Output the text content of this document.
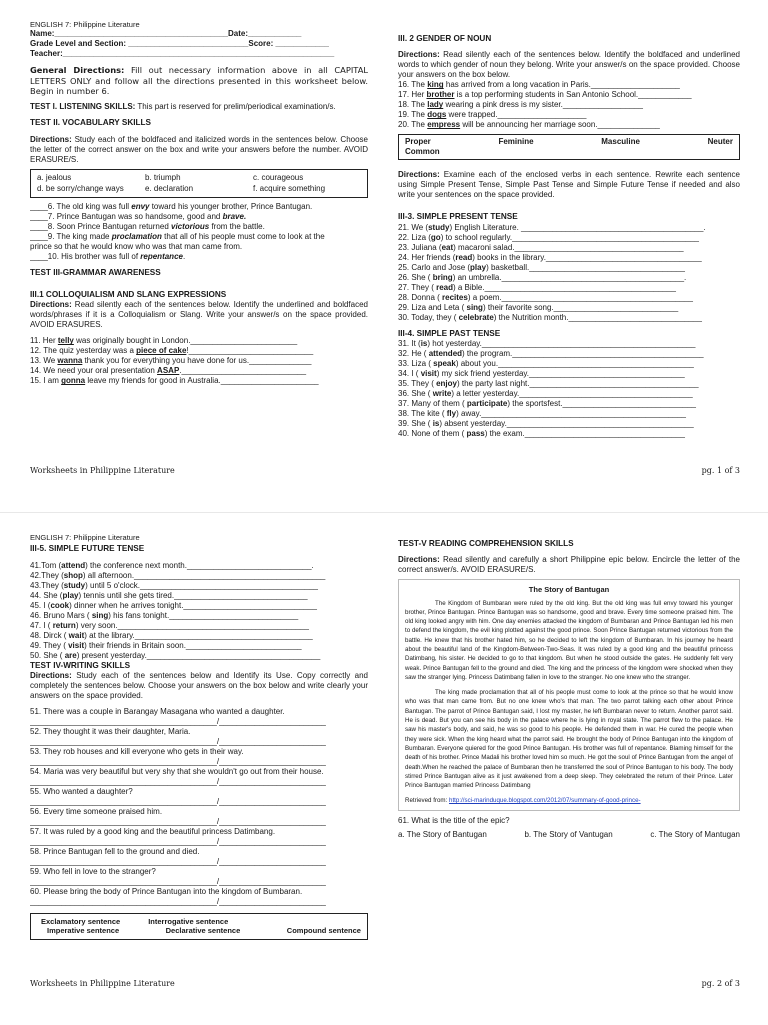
ENGLISH 7: Philippine Literature
Name:_______________________________________Date:____________
Grade Level and Section: ___________________________Score: ____________
Teacher:_____________________________________________________________
General Directions: Fill out necessary information above in all CAPITAL LETTERS ONLY and follow all the directions presented in this worksheet below. Begin in number 6.
TEST I. LISTENING SKILLS: This part is reserved for prelim/periodical examination/s.
TEST II. VOCABULARY SKILLS
Directions: Study each of the boldfaced and italicized words in the sentences below. Choose the letter of the correct answer on the box and write your answers before the number. AVOID ERASURE/S.
a. jealous	b. triumph	c. courageous
d. be sorry/change ways	e. declaration	f. acquire something
____6. The old king was full envy toward his younger brother, Prince Bantugan.
____7. Prince Bantugan was so handsome, good and brave.
____8. Soon Prince Bantugan returned victorious from the battle.
____9. The king made proclamation that all of his people must come to look at the
prince so that he would know who was that man came from.
____10. His brother was full of repentance.
TEST III-GRAMMAR AWARENESS
III.1 COLLOQUIALISM AND SLANG EXPRESSIONS
Directions: Read silently each of the sentences below. Identify the underlined and boldfaced words/phrases if it is a Colloquialism or Slang. Write your answer/s on the space provided. AVOID ERASURES.
11. Her telly was originally bought in London.________________________
12. The quiz yesterday was a piece of cake!____________________________
13. We wanna thank you for everything you have done for us.______________
14. We need your oral presentation ASAP.____________________________
15. I am gonna leave my friends for good in Australia.______________________
III. 2 GENDER OF NOUN
Directions: Read silently each of the sentences below. Identify the boldfaced and underlined words to which gender of noun they belong. Write your answer/s on the space provided. Choose your answers on the box below.
16. The king has arrived from a long vacation in Paris.____________________
17. Her brother is a top performing students in San Antonio School.____________
18. The lady wearing a pink dress is my sister.__________________
19. The dogs were trapped.____________________
20. The empress will be announcing her marriage soon.______________
Proper	Feminine	Masculine	Neuter
Common
Directions: Examine each of the enclosed verbs in each sentence. Rewrite each sentence using Simple Present Tense, Simple Past Tense and Simple Future Tense if needed and also write your sentences on the space provided.
III-3. SIMPLE PRESENT TENSE
21. We (study) English Literature. _________________________________________.
22. Liza (go) to school regularly.__________________________________________
23. Juliana (eat) macaroni salad.______________________________________
24. Her friends (read) books in the library.___________________________________
25. Carlo and Jose (play) basketball.___________________________________
26. She ( bring) an umbrella._________________________________________.
27. They ( read) a Bible.___________________________________________
28. Donna ( recites) a poem.___________________________________________
29. Liza and Leta ( sing) their favorite song.____________________________
30. Today, they ( celebrate) the Nutrition month.______________________________
III-4. SIMPLE PAST TENSE
31. It (is) hot yesterday.________________________________________________
32. He ( attended) the program.___________________________________________
33. Liza ( speak) about you.____________________________________________
34. I ( visit) my sick friend yesterday.___________________________________
35. They ( enjoy) the party last night.______________________________________
36. She ( write) a letter yesterday._______________________________________
37. Many of them ( participate) the sportsfest.______________________________
38. The kite ( fly) away.______________________________________________
39. She ( is) absent yesterday.__________________________________________
40. None of them ( pass) the exam.____________________________________
Worksheets in Philippine Literature	pg. 1 of 3
ENGLISH 7: Philippine Literature
III-5. SIMPLE FUTURE TENSE
41.Tom (attend) the conference next month.____________________________.
42.They (shop) all afternoon.___________________________________________
43.They (study) until 5 o'clock.________________________________________
44. She (play) tennis until she gets tired.______________________________
45. I (cook) dinner when he arrives tonight.______________________________
46. Bruno Mars ( sing) his fans tonight._____________________________
47. I ( return) very soon.___________________________________________
48. Dirck ( wait) at the library.________________________________________
49. They ( visit) their friends in Britain soon.__________________________
50. She ( are) present yesterday._______________________________________
TEST IV-WRITING SKILLS
Directions: Study each of the sentences below and Identify its Use. Copy correctly and completely the sentences below. Choose your answers on the box below and write clearly your answers on the space provided.
51. There was a couple in Barangay Masagana who wanted a daughter.
__________________________________________/________________________
52. They thought it was their daughter, Maria.
__________________________________________/________________________
53. They rob houses and kill everyone who gets in their way.
__________________________________________/________________________
54. Maria was very beautiful but very shy that she wouldn't go out from their house.
__________________________________________/________________________
55. Who wanted a daughter?
__________________________________________/________________________
56. Every time someone praised him.
__________________________________________/________________________
57. It was ruled by a good king and the beautiful princess Datimbang.
__________________________________________/________________________
58. Prince Bantugan fell to the ground and died.
__________________________________________/________________________
59. Who fell in love to the stranger?
__________________________________________/________________________
60. Please bring the body of Prince Bantugan into the kingdom of Bumbaran.
__________________________________________/________________________
Exclamatory sentence	Interrogative sentence
Imperative sentence	Declarative sentence	Compound sentence
TEST-V READING COMPREHENSION SKILLS
Directions: Read silently and carefully a short Philippine epic below. Encircle the letter of the correct answer/s. AVOID ERASURE/S.
The Story of Bantugan

The Kingdom of Bumbaran were ruled by the old king. But the old king was full envy toward his younger brother, Prince Bantugan. Prince Bantugan was so handsome, good and brave. Every time someone praised him. The old king looked angry with him. One day enemies attacked the kingdom of Bumbaran and Prince Bantugan led his men to defend the kingdom, the evil king plotted against the good prince. Soon Prince Bantugan returned victorious from the battle. He knew that his brother hated him, so he decided to left the kingdom of Bumbaran. In his journey he heard about the beautiful land of the Kingdom-Between-Two-Seas. It was ruled by a good king and the beautiful princess Datimbang, his sister. He decided to go to that kingdom. But when he stood outside the gates. He suddenly felt very weak. Prince Bantugan fell to the ground and died. The king and the princess of the kingdom were shocked when they saw the stranger lying. Princess Datimbang fallen in love to the stranger. No one knew who the stranger.

The king made proclamation that all of his people must come to look at the prince so that he would know who was that man came from. But no one knew who's that man. The two parrot talking each other about Prince Bantugan. The parrot of Prince Bantugan said, I lost my master, he left Bumbaran never to return. Another parrot said. He is dead. But you can see his body in the palace where he is lying in royal state. The parrot flew to the palace. He saw his master's body, and said, he was so good to his people. He defended them in war. He cured the people when they were sick. When the king heard what the parrot said. He brought the body of Prince Bantugan into the kingdom of Bumbaran. Everyone quiered for the good Prince Bantugan. His brother was full of repentance. Blaming himself for the death of his brother. Prince Madali his brother loved him so much. He got the soul of Prince Bantugan from the angel of death.When he reached the palace of Bumbaran then he transferred the soul of Prince Bantugan to his body. The body stirred Prince Bantugan alive as it just awakened from a deep sleep. They celebrated the return of their Prince. Later Prince Bantugan married Princess Datimbang

Retrieved from: http://sci-marinduque.blogspot.com/2012/07/summary-of-good-prince-
61. What is the title of the epic?
a. The Story of Bantugan	b. The Story of Vantugan	c. The Story of Mantugan
Worksheets in Philippine Literature	pg. 2 of 3
